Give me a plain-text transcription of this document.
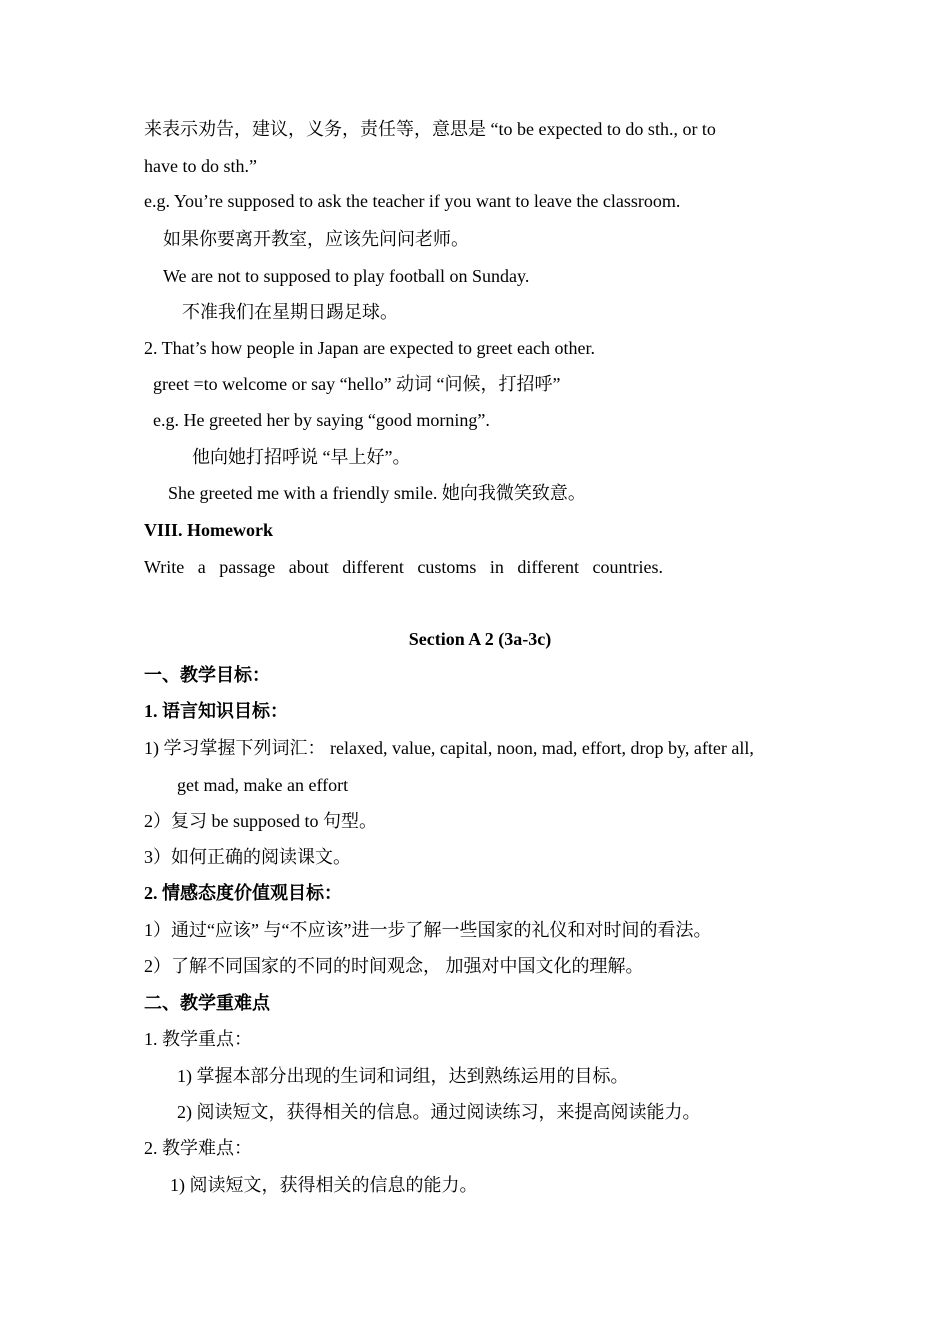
来表示劝告，建议，义务，责任等，意思是 “to be expected to do sth., or to
have to do sth.”
e.g. You’re supposed to ask the teacher if you want to leave the classroom.
如果你要离开教室，应该先问问老师。
We are not to supposed to play football on Sunday.
不准我们在星期日踢足球。
2. That’s how people in Japan are expected to greet each other.
greet =to welcome or say “hello” 动词 “问候，打招呼”
e.g. He greeted her by saying “good morning”.
他向她打招呼说 “早上好”。
She greeted me with a friendly smile. 她向我微笑致意。
VIII. Homework
Write a passage about different customs in different countries.
Section A 2 (3a-3c)
一、教学目标：
1. 语言知识目标：
1) 学习掌握下列词汇： relaxed, value, capital, noon, mad, effort, drop by, after all,
get mad, make an effort
2）复习 be supposed to 句型。
3）如何正确的阅读课文。
2. 情感态度价值观目标：
1）通过“应该” 与“不应该”进一步了解一些国家的礼仪和对时间的看法。
2）了解不同国家的不同的时间观念， 加强对中国文化的理解。
二、教学重难点
1. 教学重点：
1) 掌握本部分出现的生词和词组，达到熟练运用的目标。
2) 阅读短文，获得相关的信息。通过阅读练习，来提高阅读能力。
2. 教学难点：
1) 阅读短文，获得相关的信息的能力。
